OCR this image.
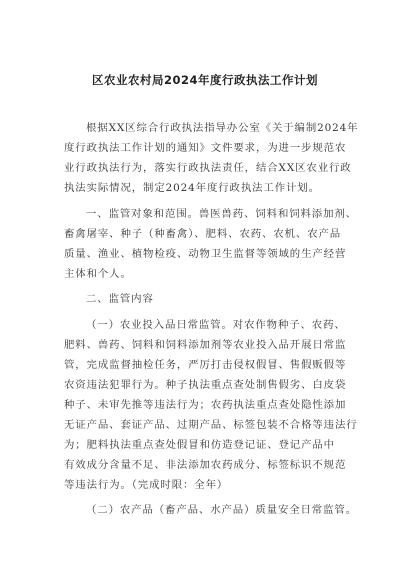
区农业农村局2024年度行政执法工作计划
根据XX区综合行政执法指导办公室《关于编制2024年
度行政执法工作计划的通知》文件要求，为进一步规范农
业行政执法行为，落实行政执法责任，结合XX区农业行政
执法实际情况，制定2024年度行政执法工作计划。
一、监管对象和范围。兽医兽药、饲料和饲料添加剂、
畜禽屠宰、种子（种畜禽）、肥料、农药、农机、农产品
质量、渔业、植物检疫、动物卫生监督等领域的生产经营
主体和个人。
二、监管内容
（一）农业投入品日常监管。对农作物种子、农药、
肥料、兽药、饲料和饲料添加剂等农业投入品开展日常监
管，完成监督抽检任务，严厉打击侵权假冒、售假贩假等
农资违法犯罪行为。种子执法重点查处制售假劣、白皮袋
种子、未审先推等违法行为；农药执法重点查处隐性添加
无证产品、套证产品、过期产品、标签包装不合格等违法行
为；肥料执法重点查处假冒和仿造登记证、登记产品中
有效成分含量不足、非法添加农药成分、标签标识不规范
等违法行为。（完成时限：全年）
（二）农产品（畜产品、水产品）质量安全日常监管。
